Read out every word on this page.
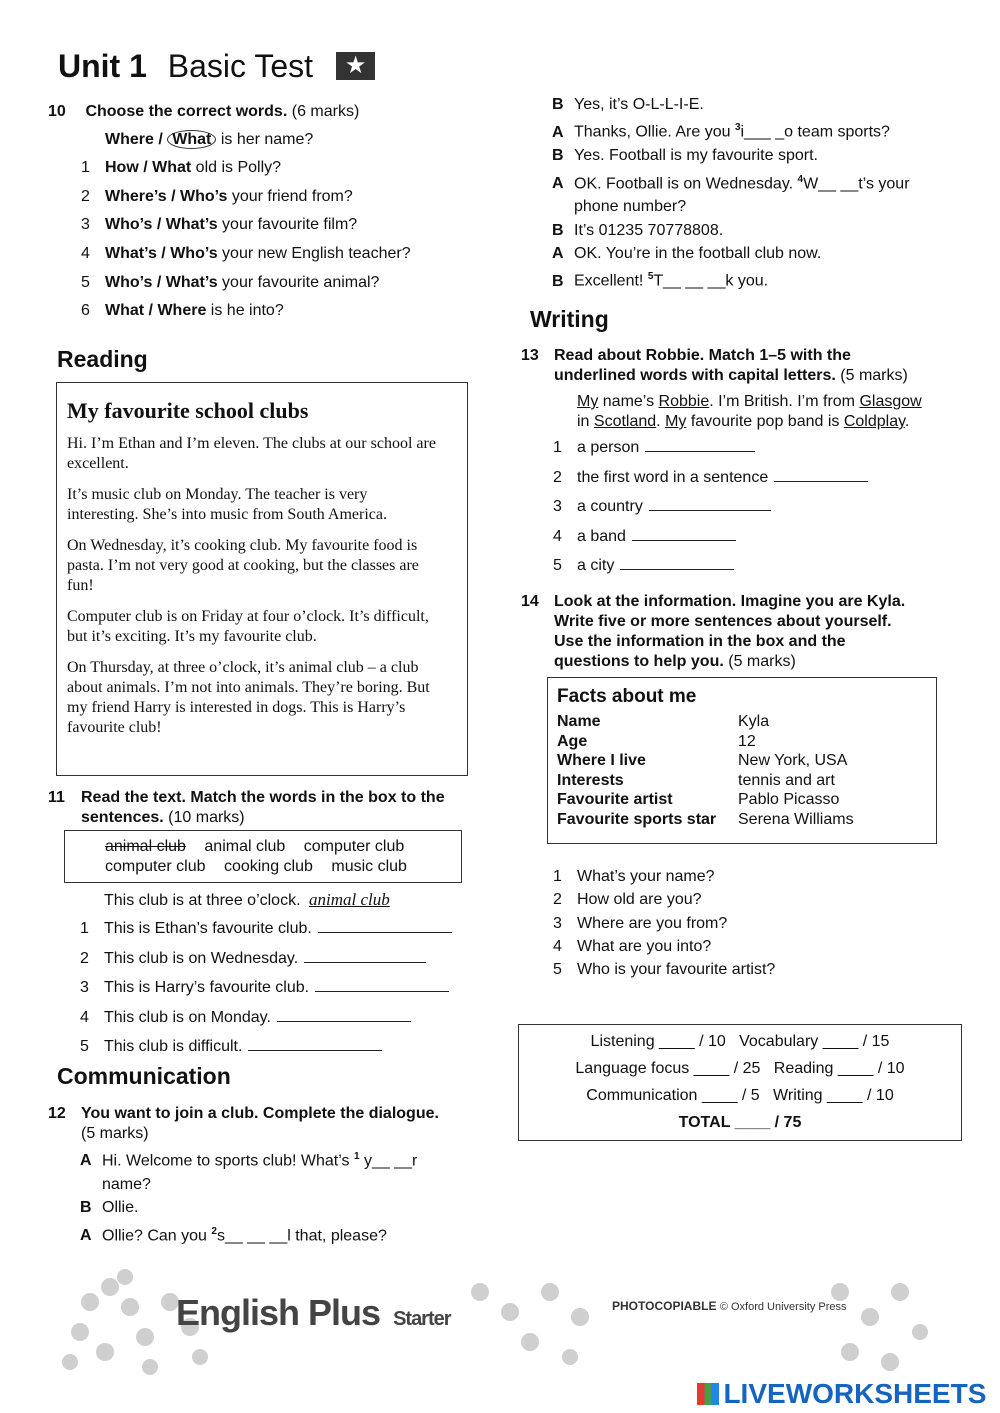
Unit 1 Basic Test ★
10 Choose the correct words. (6 marks)
Where / What is her name?
1 How / What old is Polly?
2 Where’s / Who’s your friend from?
3 Who’s / What’s your favourite film?
4 What’s / Who’s your new English teacher?
5 Who’s / What’s your favourite animal?
6 What / Where is he into?
Reading
My favourite school clubs

Hi. I’m Ethan and I’m eleven. The clubs at our school are excellent.

It’s music club on Monday. The teacher is very interesting. She’s into music from South America.

On Wednesday, it’s cooking club. My favourite food is pasta. I’m not very good at cooking, but the classes are fun!

Computer club is on Friday at four o’clock. It’s difficult, but it’s exciting. It’s my favourite club.

On Thursday, at three o’clock, it’s animal club – a club about animals. I’m not into animals. They’re boring. But my friend Harry is interested in dogs. This is Harry’s favourite club!

11 Read the text. Match the words in the box to the
sentences. (10 marks)
animal club animal club computer club
computer club cooking club music club
This club is at three o’clock. animal club
1 This is Ethan’s favourite club.
2 This club is on Wednesday.
3 This is Harry’s favourite club.
4 This club is on Monday.
5 This club is difficult.
Communication
12 You want to join a club. Complete the dialogue.
(5 marks)
A Hi. Welcome to sports club! What’s $^1$ y__ __r
name?
B Ollie.
A Ollie? Can you $^2$s__ __ __l that, please?
B Yes, it’s O-L-L-I-E.
A Thanks, Ollie. Are you $^3$i___ _o team sports?
B Yes. Football is my favourite sport.
A OK. Football is on Wednesday. $^4$W__ __t’s your
phone number?
B It’s 01235 70778808.
A OK. You’re in the football club now.
B Excellent! $^5$T__ __ __k you.
Writing
13 Read about Robbie. Match 1–5 with the
underlined words with capital letters. (5 marks)
My name’s Robbie. I’m British. I’m from Glasgow
in Scotland. My favourite pop band is Coldplay.
1 a person
2 the first word in a sentence
3 a country
4 a band
5 a city
14 Look at the information. Imagine you are Kyla.
Write five or more sentences about yourself.
Use the information in the box and the
questions to help you. (5 marks)
Facts about me
Name	Kyla
Age	12
Where I live	New York, USA
Interests	tennis and art
Favourite artist	Pablo Picasso
Favourite sports star Serena Williams
1 What’s your name?
2 How old are you?
3 Where are you from?
4 What are you into?
5 Who is your favourite artist?
Listening ____ / 10 Vocabulary ____ / 15
Language focus ____ / 25 Reading ____ / 10
Communication ____ / 5 Writing ____ / 10
TOTAL ____ / 75
English Plus Starter
PHOTOCOPIABLE © Oxford University Press
LIVEWORKSHEETS
